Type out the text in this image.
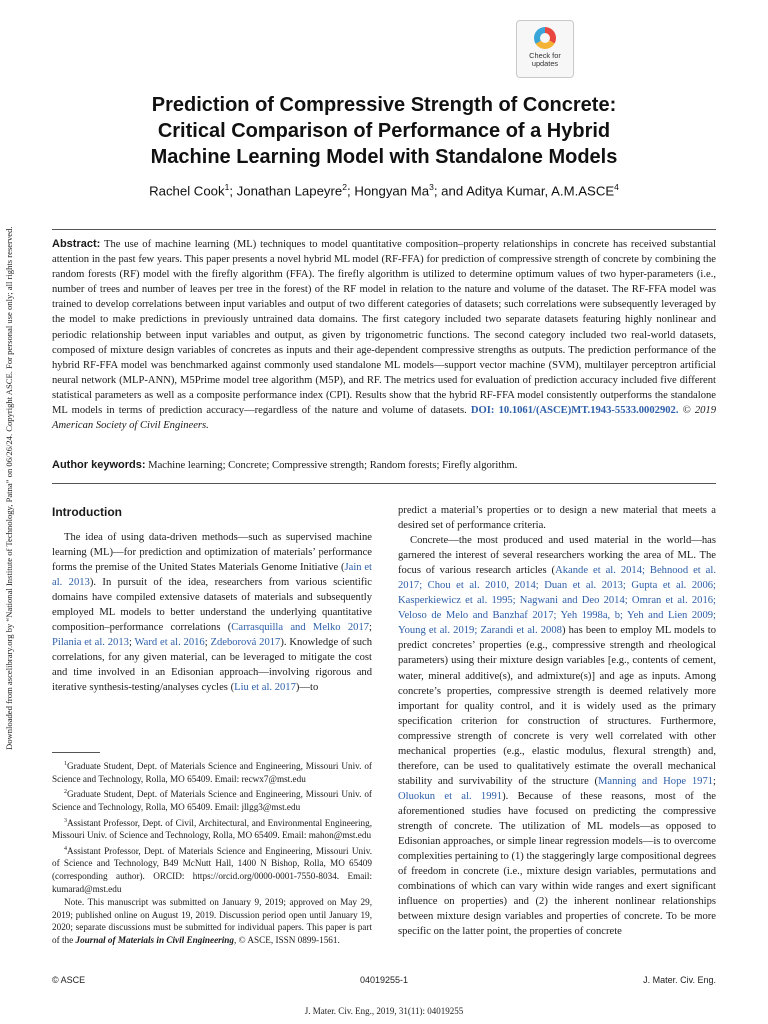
Downloaded from ascelibrary.org by “National Institute of Technology, Patna” on 06/26/24. Copyright ASCE. For personal use only; all rights reserved.
Check for
updates
Prediction of Compressive Strength of Concrete:
Critical Comparison of Performance of a Hybrid
Machine Learning Model with Standalone Models
Rachel Cook$^1$; Jonathan Lapeyre$^2$; Hongyan Ma$^3$; and Aditya Kumar, A.M.ASCE$^4$
Abstract: The use of machine learning (ML) techniques to model quantitative composition–property relationships in concrete has received substantial attention in the past few years. This paper presents a novel hybrid ML model (RF-FFA) for prediction of compressive strength of concrete by combining the random forests (RF) model with the firefly algorithm (FFA). The firefly algorithm is utilized to determine optimum values of two hyper-parameters (i.e., number of trees and number of leaves per tree in the forest) of the RF model in relation to the nature and volume of the dataset. The RF-FFA model was trained to develop correlations between input variables and output of two different categories of datasets; such correlations were subsequently leveraged by the model to make predictions in previously untrained data domains. The first category included two separate datasets featuring highly nonlinear and periodic relationship between input variables and output, as given by trigonometric functions. The second category included two real-world datasets, composed of mixture design variables of concretes as inputs and their age-dependent compressive strengths as outputs. The prediction performance of the hybrid RF-FFA model was benchmarked against commonly used standalone ML models—support vector machine (SVM), multilayer perceptron artificial neural network (MLP-ANN), M5Prime model tree algorithm (M5P), and RF. The metrics used for evaluation of prediction accuracy included five different statistical parameters as well as a composite performance index (CPI). Results show that the hybrid RF-FFA model consistently outperforms the standalone ML models in terms of prediction accuracy—regardless of the nature and volume of datasets. DOI: 10.1061/(ASCE)MT.1943-5533.0002902. © 2019 American Society of Civil Engineers.
Author keywords: Machine learning; Concrete; Compressive strength; Random forests; Firefly algorithm.
Introduction

The idea of using data-driven methods—such as supervised machine learning (ML)—for prediction and optimization of materials’ performance forms the premise of the United States Materials Genome Initiative (Jain et al. 2013). In pursuit of the idea, researchers from various scientific domains have compiled extensive datasets of materials and subsequently employed ML models to better understand the underlying quantitative composition–performance correlations (Carrasquilla and Melko 2017; Pilania et al. 2013; Ward et al. 2016; Zdeborová 2017). Knowledge of such correlations, for any given material, can be leveraged to mitigate the cost and time involved in an Edisonian approach—involving rigorous and iterative synthesis-testing/analyses cycles (Liu et al. 2017)—to

$^1$Graduate Student, Dept. of Materials Science and Engineering, Missouri Univ. of Science and Technology, Rolla, MO 65409. Email: recwx7@mst.edu

$^2$Graduate Student, Dept. of Materials Science and Engineering, Missouri Univ. of Science and Technology, Rolla, MO 65409. Email: jllgg3@mst.edu

$^3$Assistant Professor, Dept. of Civil, Architectural, and Environmental Engineering, Missouri Univ. of Science and Technology, Rolla, MO 65409. Email: mahon@mst.edu

$^4$Assistant Professor, Dept. of Materials Science and Engineering, Missouri Univ. of Science and Technology, B49 McNutt Hall, 1400 N Bishop, Rolla, MO 65409 (corresponding author). ORCID: https://orcid.org/0000-0001-7550-8034. Email: kumarad@mst.edu

Note. This manuscript was submitted on January 9, 2019; approved on May 29, 2019; published online on August 19, 2019. Discussion period open until January 19, 2020; separate discussions must be submitted for individual papers. This paper is part of the Journal of Materials in Civil Engineering, © ASCE, ISSN 0899-1561.

predict a material’s properties or to design a new material that meets a desired set of performance criteria.

Concrete—the most produced and used material in the world—has garnered the interest of several researchers working the area of ML. The focus of various research articles (Akande et al. 2014; Behnood et al. 2017; Chou et al. 2010, 2014; Duan et al. 2013; Gupta et al. 2006; Kasperkiewicz et al. 1995; Nagwani and Deo 2014; Omran et al. 2016; Veloso de Melo and Banzhaf 2017; Yeh 1998a, b; Yeh and Lien 2009; Young et al. 2019; Zarandi et al. 2008) has been to employ ML models to predict concretes’ properties (e.g., compressive strength and rheological parameters) using their mixture design variables [e.g., contents of cement, water, mineral additive(s), and admixture(s)] and age as inputs. Among concrete’s properties, compressive strength is deemed relatively more important for quality control, and it is widely used as the primary specification criterion for construction of structures. Furthermore, compressive strength of concrete is very well correlated with other mechanical properties (e.g., elastic modulus, flexural strength) and, therefore, can be used to qualitatively estimate the overall mechanical stability and survivability of the structure (Manning and Hope 1971; Oluokun et al. 1991). Because of these reasons, most of the aforementioned studies have focused on predicting the compressive strength of concrete. The utilization of ML models—as opposed to Edisonian approaches, or simple linear regression models—is to overcome complexities pertaining to (1) the staggeringly large compositional degrees of freedom in concrete (i.e., mixture design variables, permutations and combinations of which can vary within wide ranges and exert significant influence on properties) and (2) the inherent nonlinear relationships between mixture design variables and properties of concrete. To be more specific on the latter point, the properties of concrete

04019255-1
© ASCE	J. Mater. Civ. Eng.
J. Mater. Civ. Eng., 2019, 31(11): 04019255
